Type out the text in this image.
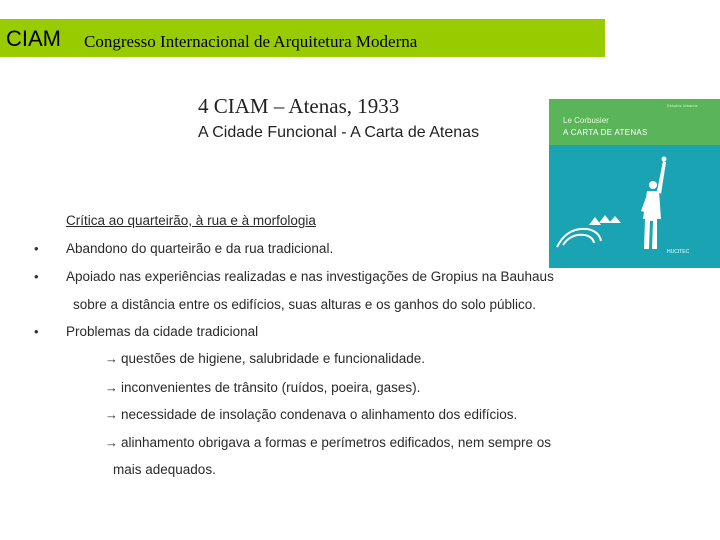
CIAM Congresso Internacional de Arquitetura Moderna
4 CIAM – Atenas, 1933
A Cidade Funcional - A Carta de Atenas
Le Corbusier
A CARTA DE ATENAS
Estudos Urbanos
HUCITEC
Crítica ao quarteirão, à rua e à morfologia
• Abandono do quarteirão e da rua tradicional.
• Apoiado nas experiências realizadas e nas investigações de Gropius na Bauhaus
sobre a distância entre os edifícios, suas alturas e os ganhos do solo público.
• Problemas da cidade tradicional
→ questões de higiene, salubridade e funcionalidade.
→ inconvenientes de trânsito (ruídos, poeira, gases).
→ necessidade de insolação condenava o alinhamento dos edifícios.
→ alinhamento obrigava a formas e perímetros edificados, nem sempre os
mais adequados.
